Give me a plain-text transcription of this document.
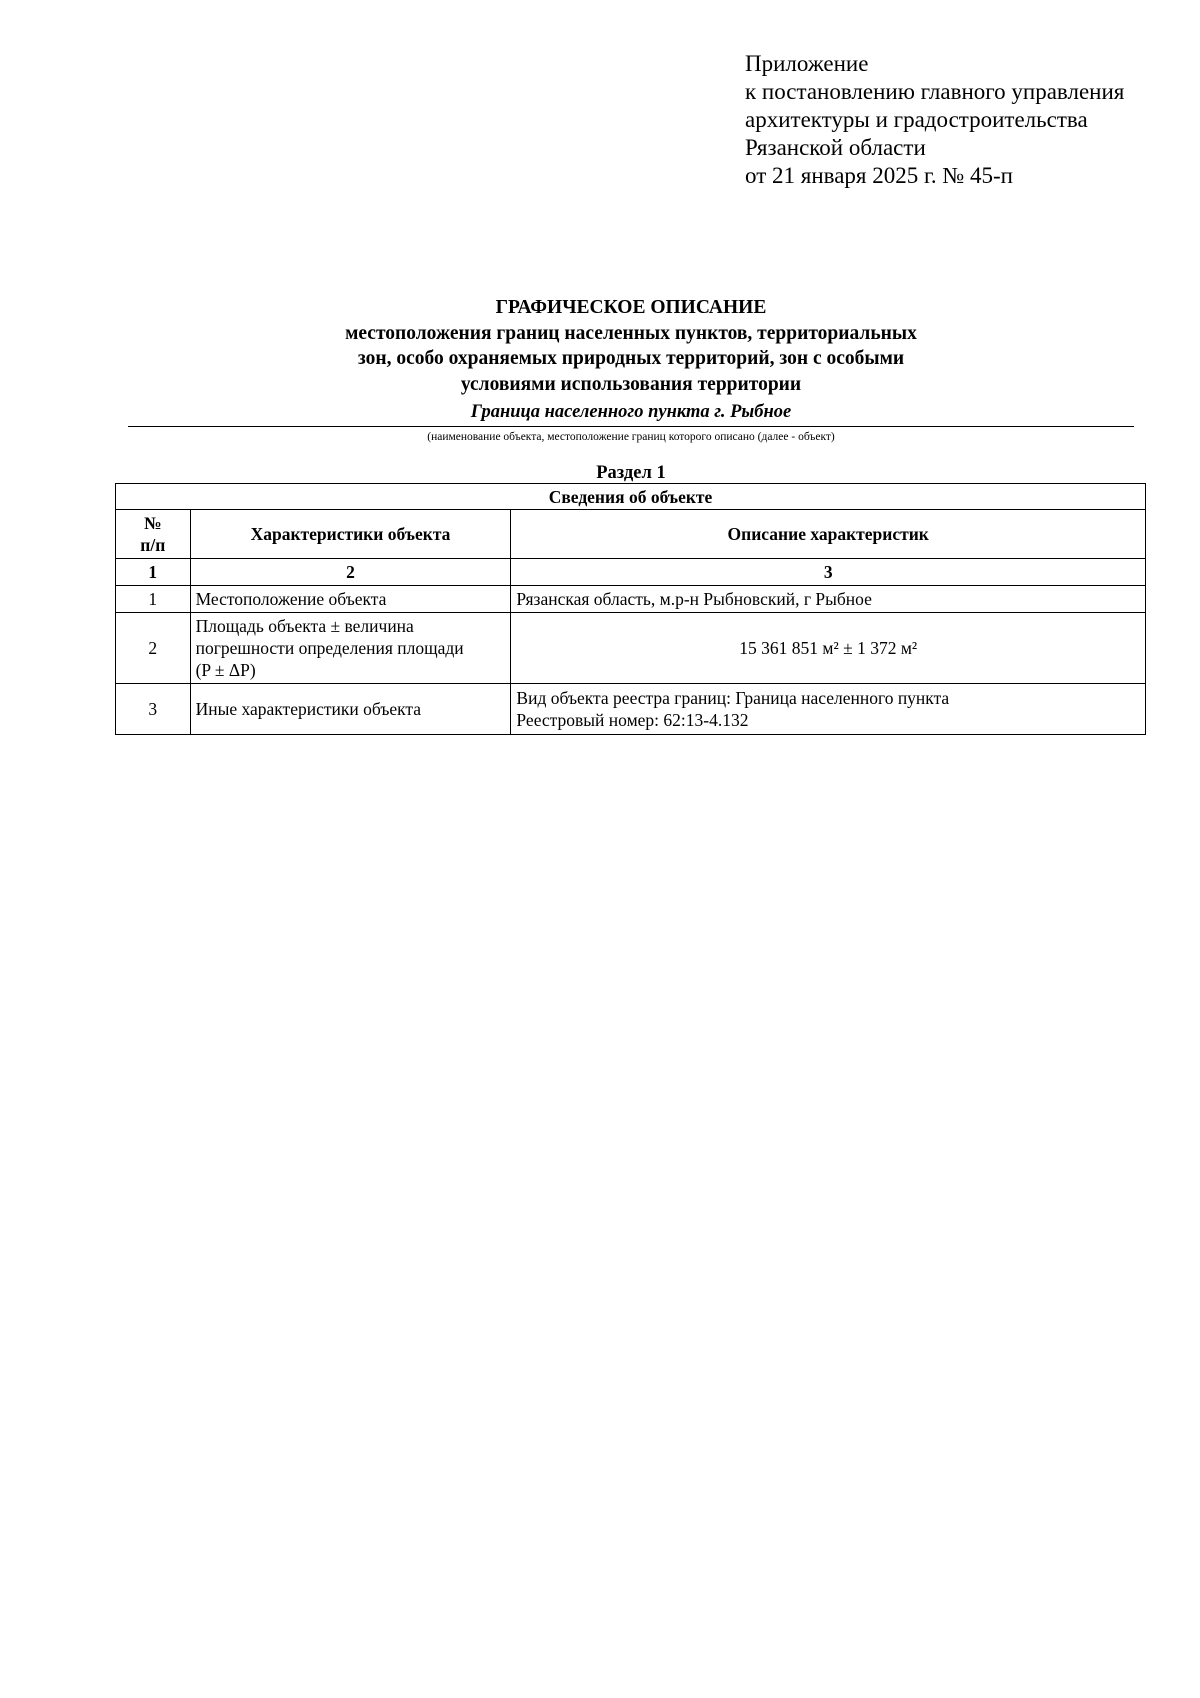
Приложение
к постановлению главного управления
архитектуры и градостроительства
Рязанской области
от 21 января 2025 г. № 45-п
ГРАФИЧЕСКОЕ ОПИСАНИЕ
местоположения границ населенных пунктов, территориальных
зон, особо охраняемых природных территорий, зон с особыми
условиями использования территории
Граница населенного пункта г. Рыбное
(наименование объекта, местоположение границ которого описано (далее - объект)
Раздел 1
Сведения об объекте		

№
п/п	Характеристики объекта	Описание характеристик
1	2	3
1	Местоположение объекта	Рязанская область, м.р-н Рыбновский, г Рыбное

2	Площадь объекта ± величина
погрешности определения площади
(P ± ΔP)	15 361 851 м² ± 1 372 м²

3	Иные характеристики объекта	Вид объекта реестра границ: Граница населенного пункта
Реестровый номер: 62:13-4.132
